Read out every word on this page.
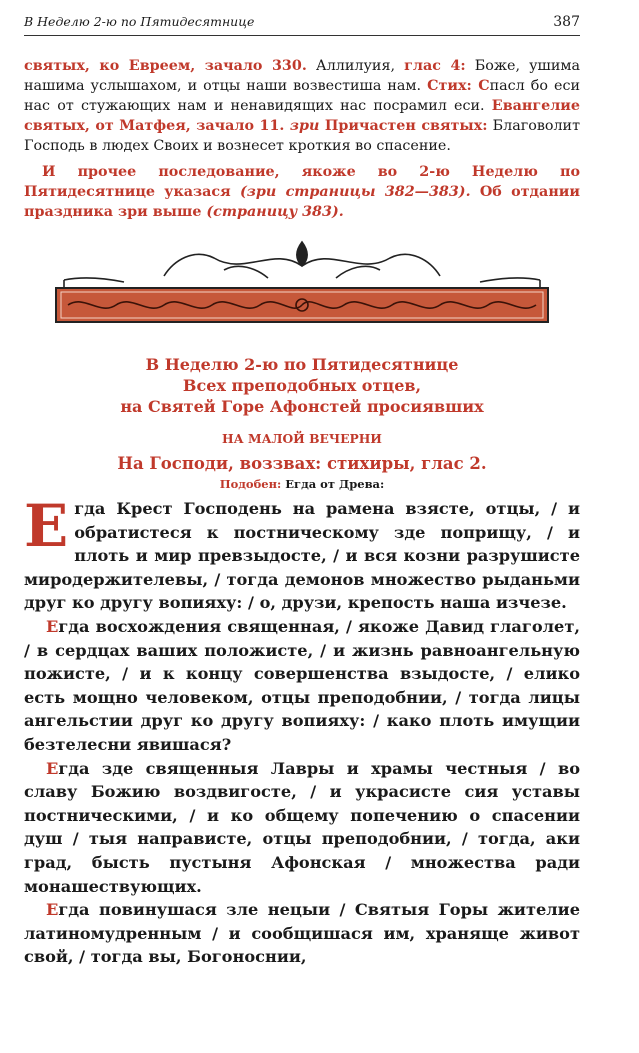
В Неделю 2-ю по Пятидесятнице	387

святых, ко Евреем, зачало 330. Аллилуия, глас 4: Боже, ушима нашима услышахом, и отцы наши возвестиша нам. Стих: Спасл бо еси нас от стужающих нам и ненавидящих нас посрамил еси. Евангелие святых, от Матфея, зачало 11. зри Причастен святых: Благоволит Господь в людех Своих и вознесет кроткия во спасение.

И прочее последование, якоже во 2-ю Неделю по Пятидесятнице указася (зри страницы 382—383). Об отдании праздника зри выше (страницу 383).

В Неделю 2-ю по Пятидесятнице
Всех преподобных отцев,
на Святей Горе Афонстей просиявших
НА МАЛОЙ ВЕЧЕРНИ
На Господи, воззвах: стихиры, глас 2.
Подобен: Егда от Древа:

Егда Крест Господень на рамена взясте, отцы, / и обратистеся к постническому зде поприщу, / и плоть и мир превзыдосте, / и вся козни разрушисте миродержителевы, / тогда демонов множество рыданьми друг ко другу вопияху: / о, друзи, крепость наша изчезе.

Егда восхождения священная, / якоже Давид глаголет, / в сердцах ваших положисте, / и жизнь равноангельную пожисте, / и к концу совершенства взыдосте, / елико есть мощно человеком, отцы преподобнии, / тогда лицы ангельстии друг ко другу вопияху: / како плоть имущии безтелесни явишася?

Егда зде священныя Лавры и храмы честныя / во славу Божию воздвигосте, / и украсисте сия уставы постническими, / и ко общему попечению о спасении душ / тыя направисте, отцы преподобнии, / тогда, аки град, бысть пустыня Афонская / множества ради монашествующих.

Егда повинушася зле нецыи / Святыя Горы жителие латиномудренным / и сообщишася им, храняще живот свой, / тогда вы, Богоноснии,
